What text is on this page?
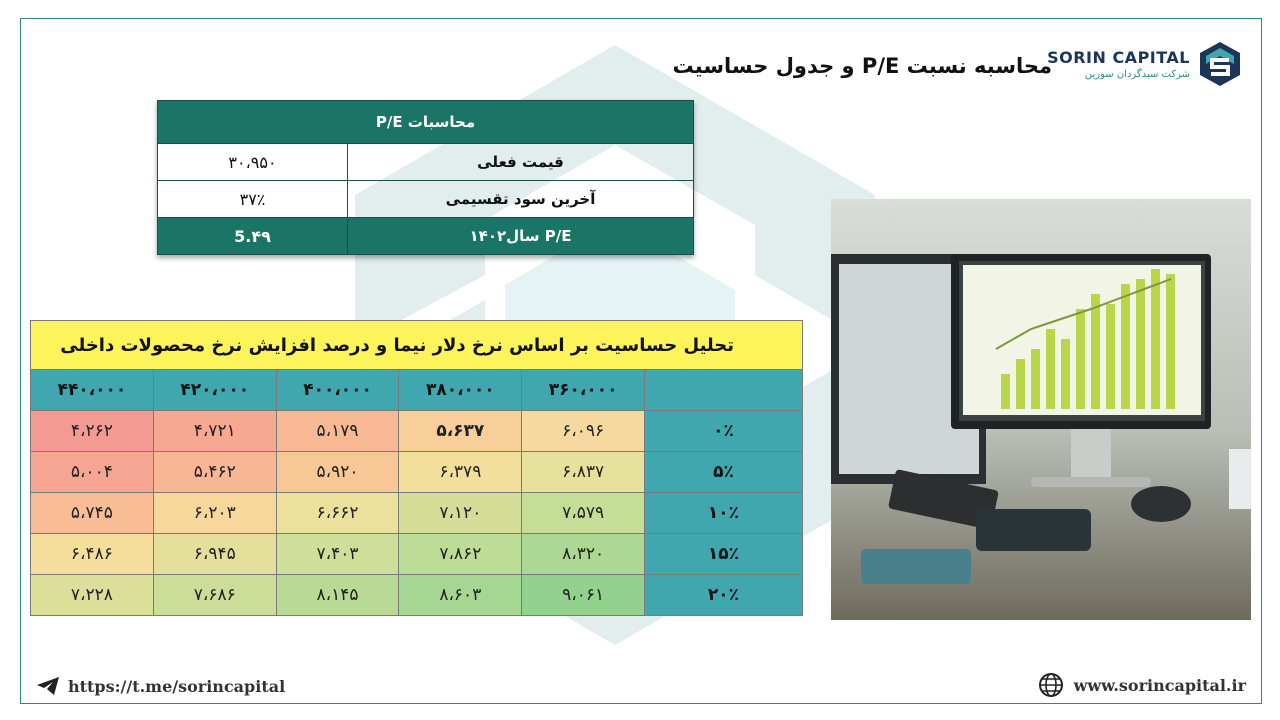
SORIN CAPITAL
شرکت سبدگردان سورین
محاسبه نسبت P/E و جدول حساسیت
محاسبات P/E	
قیمت فعلی	۳۰،۹۵۰
آخرین سود تقسیمی	۳۷٪
P/E سال۱۴۰۲	5.۴۹
تحلیل حساسیت بر اساس نرخ دلار نیما و درصد افزایش نرخ محصولات داخلی					
	۳۶۰،۰۰۰	۳۸۰،۰۰۰	۴۰۰،۰۰۰	۴۲۰،۰۰۰	۴۴۰،۰۰۰
۰٪	۶،۰۹۶	۵،۶۳۷	۵،۱۷۹	۴،۷۲۱	۴،۲۶۲
۵٪	۶،۸۳۷	۶،۳۷۹	۵،۹۲۰	۵،۴۶۲	۵،۰۰۴
۱۰٪	۷،۵۷۹	۷،۱۲۰	۶،۶۶۲	۶،۲۰۳	۵،۷۴۵
۱۵٪	۸،۳۲۰	۷،۸۶۲	۷،۴۰۳	۶،۹۴۵	۶،۴۸۶
۲۰٪	۹،۰۶۱	۸،۶۰۳	۸،۱۴۵	۷،۶۸۶	۷،۲۲۸
https://t.me/sorincapital	www.sorincapital.ir
